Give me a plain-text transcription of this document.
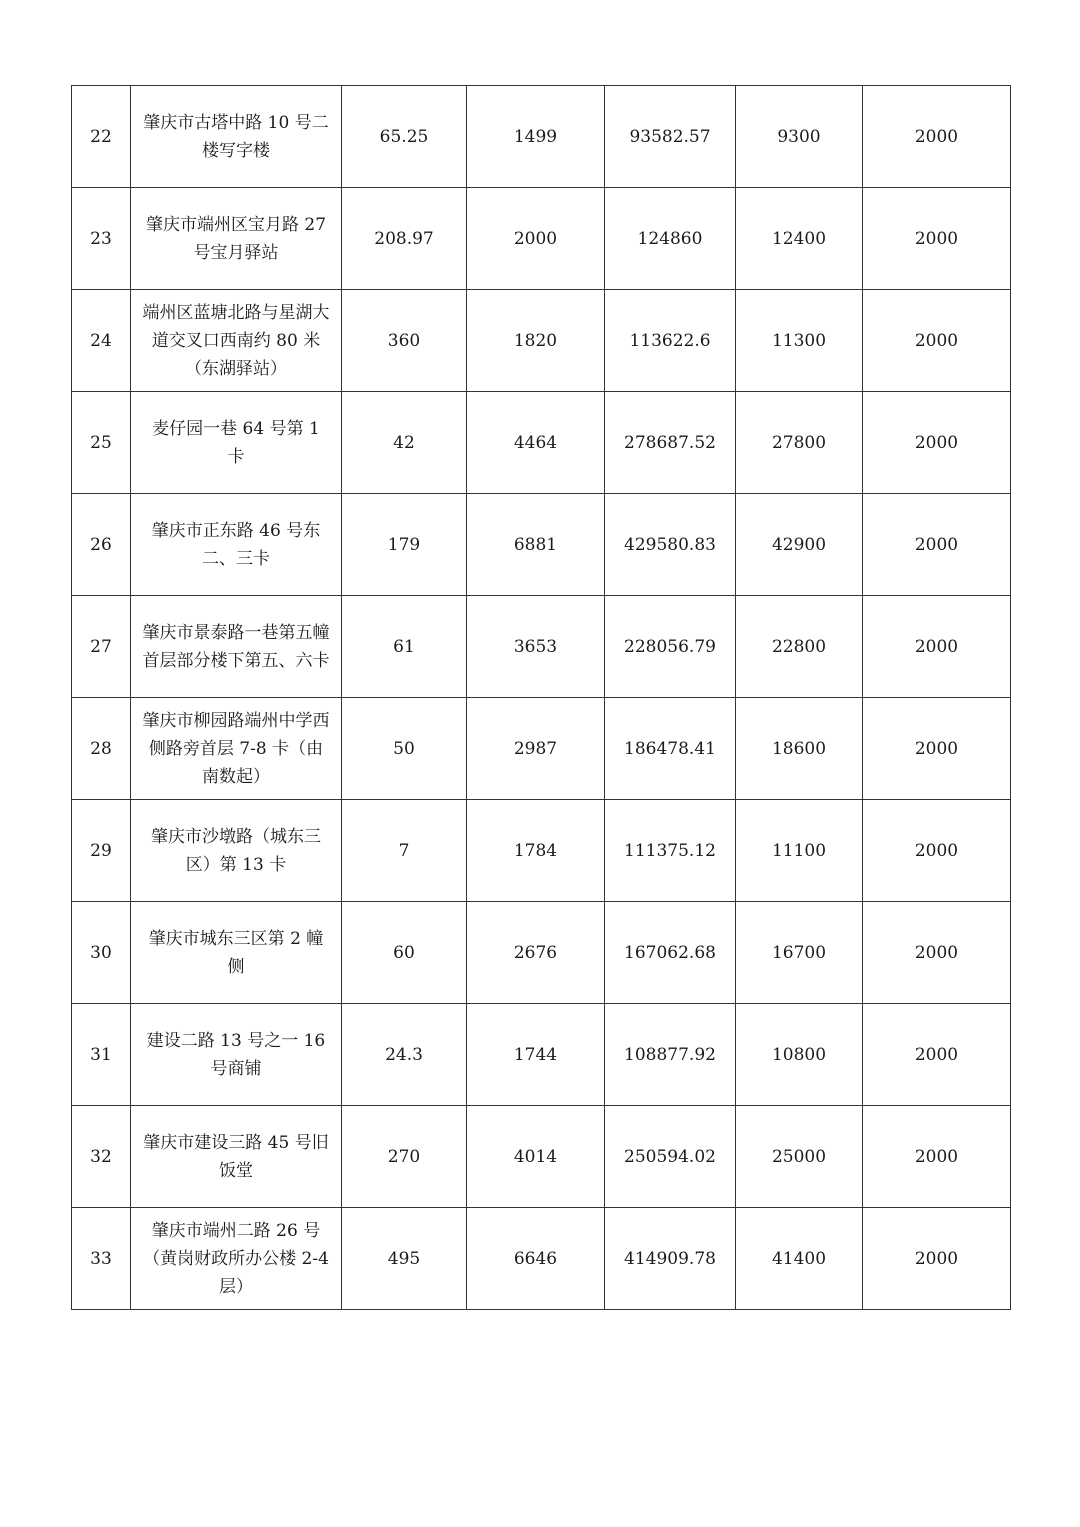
22	肇庆市古塔中路 10 号二楼写字楼	65.25	1499	93582.57	9300	2000
23	肇庆市端州区宝月路 27 号宝月驿站	208.97	2000	124860	12400	2000
24	端州区蓝塘北路与星湖大道交叉口西南约 80 米（东湖驿站）	360	1820	113622.6	11300	2000
25	麦仔园一巷 64 号第 1 卡	42	4464	278687.52	27800	2000
26	肇庆市正东路 46 号东二、三卡	179	6881	429580.83	42900	2000
27	肇庆市景泰路一巷第五幢首层部分楼下第五、六卡	61	3653	228056.79	22800	2000
28	肇庆市柳园路端州中学西侧路旁首层 7-8 卡（由南数起）	50	2987	186478.41	18600	2000
29	肇庆市沙墩路（城东三区）第 13 卡	7	1784	111375.12	11100	2000
30	肇庆市城东三区第 2 幢侧	60	2676	167062.68	16700	2000
31	建设二路 13 号之一 16 号商铺	24.3	1744	108877.92	10800	2000
32	肇庆市建设三路 45 号旧饭堂	270	4014	250594.02	25000	2000
33	肇庆市端州二路 26 号（黄岗财政所办公楼 2-4 层）	495	6646	414909.78	41400	2000
